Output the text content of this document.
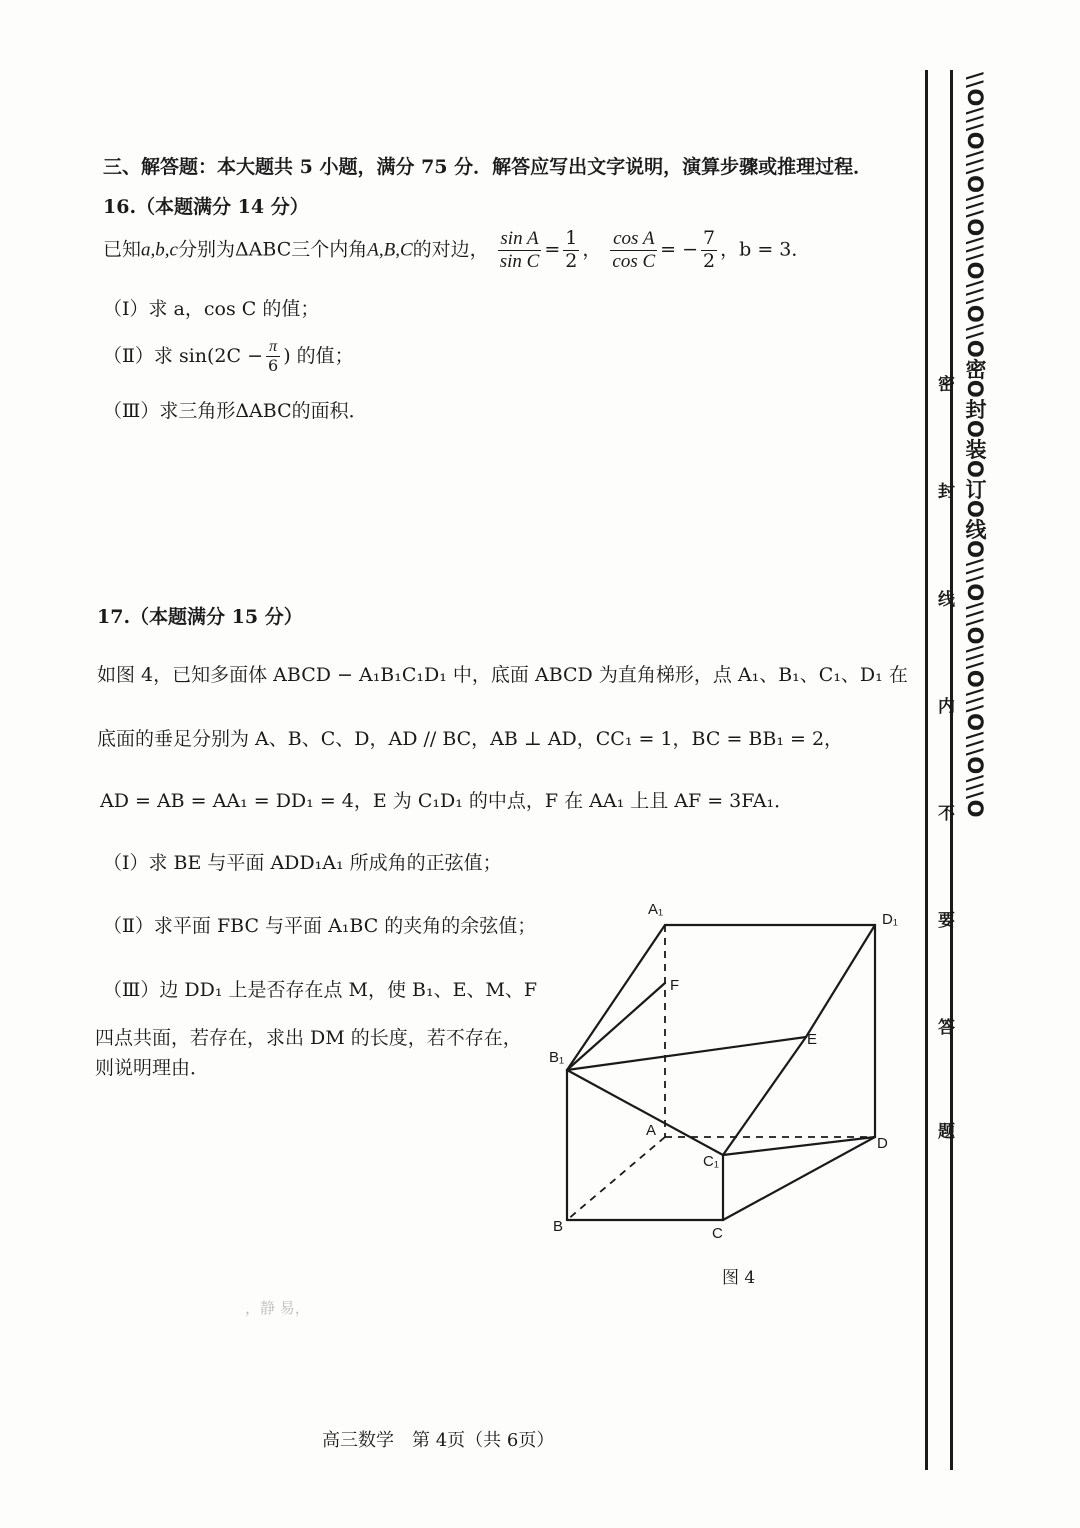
三、解答题：本大题共 5 小题，满分 75 分．解答应写出文字说明，演算步骤或推理过程．
16.（本题满分 14 分）
已知a,b,c分别为ΔABC三个内角A,B,C的对边， $\frac{\text{sin A}}{\text{sin C}} = \frac{1}{2}$ ， $\frac{\text{cos A}}{\text{cos C}}$ = − $\frac{7}{2}$ ，b = 3．
（Ⅰ）求 a，cos C 的值；
（Ⅱ）求 $\sin(2C - \frac{\pi}{6}$ ) 的值；
（Ⅲ）求三角形ΔABC的面积．
17.（本题满分 15 分）
如图 4，已知多面体 ABCD − A₁B₁C₁D₁ 中，底面 ABCD 为直角梯形，点 A₁、B₁、C₁、D₁ 在
底面的垂足分别为 A、B、C、D，AD // BC，AB ⊥ AD，CC₁ = 1，BC = BB₁ = 2，
AD = AB = AA₁ = DD₁ = 4，E 为 C₁D₁ 的中点，F 在 AA₁ 上且 AF = 3FA₁．
（Ⅰ）求 BE 与平面 ADD₁A₁ 所成角的正弦值；
（Ⅱ）求平面 FBC 与平面 A₁BC 的夹角的余弦值；
（Ⅲ）边 DD₁ 上是否存在点 M，使 B₁、E、M、F
四点共面，若存在，求出 DM 的长度，若不存在，
则说明理由．
A₁
D₁
F
E
B₁
A
D
C₁
B	C
图 4
，静 易，
高三数学　第 4页（共 6页）
密
封
线
内
不
要
答
题
\\O\\\O\\\O\\\O\\\O\\\O\\O密O封O装O订O线O\\\O\\\O\\\O\\\O\\\O\\\O
